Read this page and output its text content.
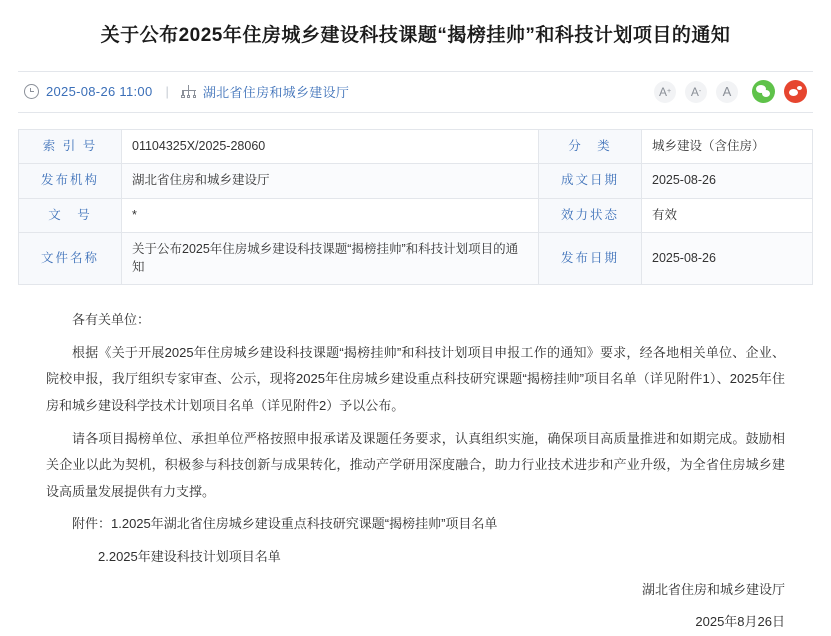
关于公布2025年住房城乡建设科技课题“揭榜挂帅”和科技计划项目的通知
2025-08-26 11:00 |	湖北省住房和城乡建设厅	A + A - A
索 引 号	01104325X/2025-28060	分　类	城乡建设（含住房）
发布机构	湖北省住房和城乡建设厅	成文日期	2025-08-26
文　号	*	效力状态	有效
文件名称	关于公布2025年住房城乡建设科技课题“揭榜挂帅”和科技计划项目的通知	发布日期	2025-08-26

各有关单位：

根据《关于开展2025年住房城乡建设科技课题“揭榜挂帅”和科技计划项目申报工作的通知》要求，经各地相关单位、企业、院校申报，我厅组织专家审查、公示，现将2025年住房城乡建设重点科技研究课题“揭榜挂帅”项目名单（详见附件1）、2025年住房和城乡建设科学技术计划项目名单（详见附件2）予以公布。

请各项目揭榜单位、承担单位严格按照申报承诺及课题任务要求，认真组织实施，确保项目高质量推进和如期完成。鼓励相关企业以此为契机，积极参与科技创新与成果转化，推动产学研用深度融合，助力行业技术进步和产业升级，为全省住房城乡建设高质量发展提供有力支撑。

附件：1.2025年湖北省住房城乡建设重点科技研究课题“揭榜挂帅”项目名单

2.2025年建设科技计划项目名单

湖北省住房和城乡建设厅

2025年8月26日
